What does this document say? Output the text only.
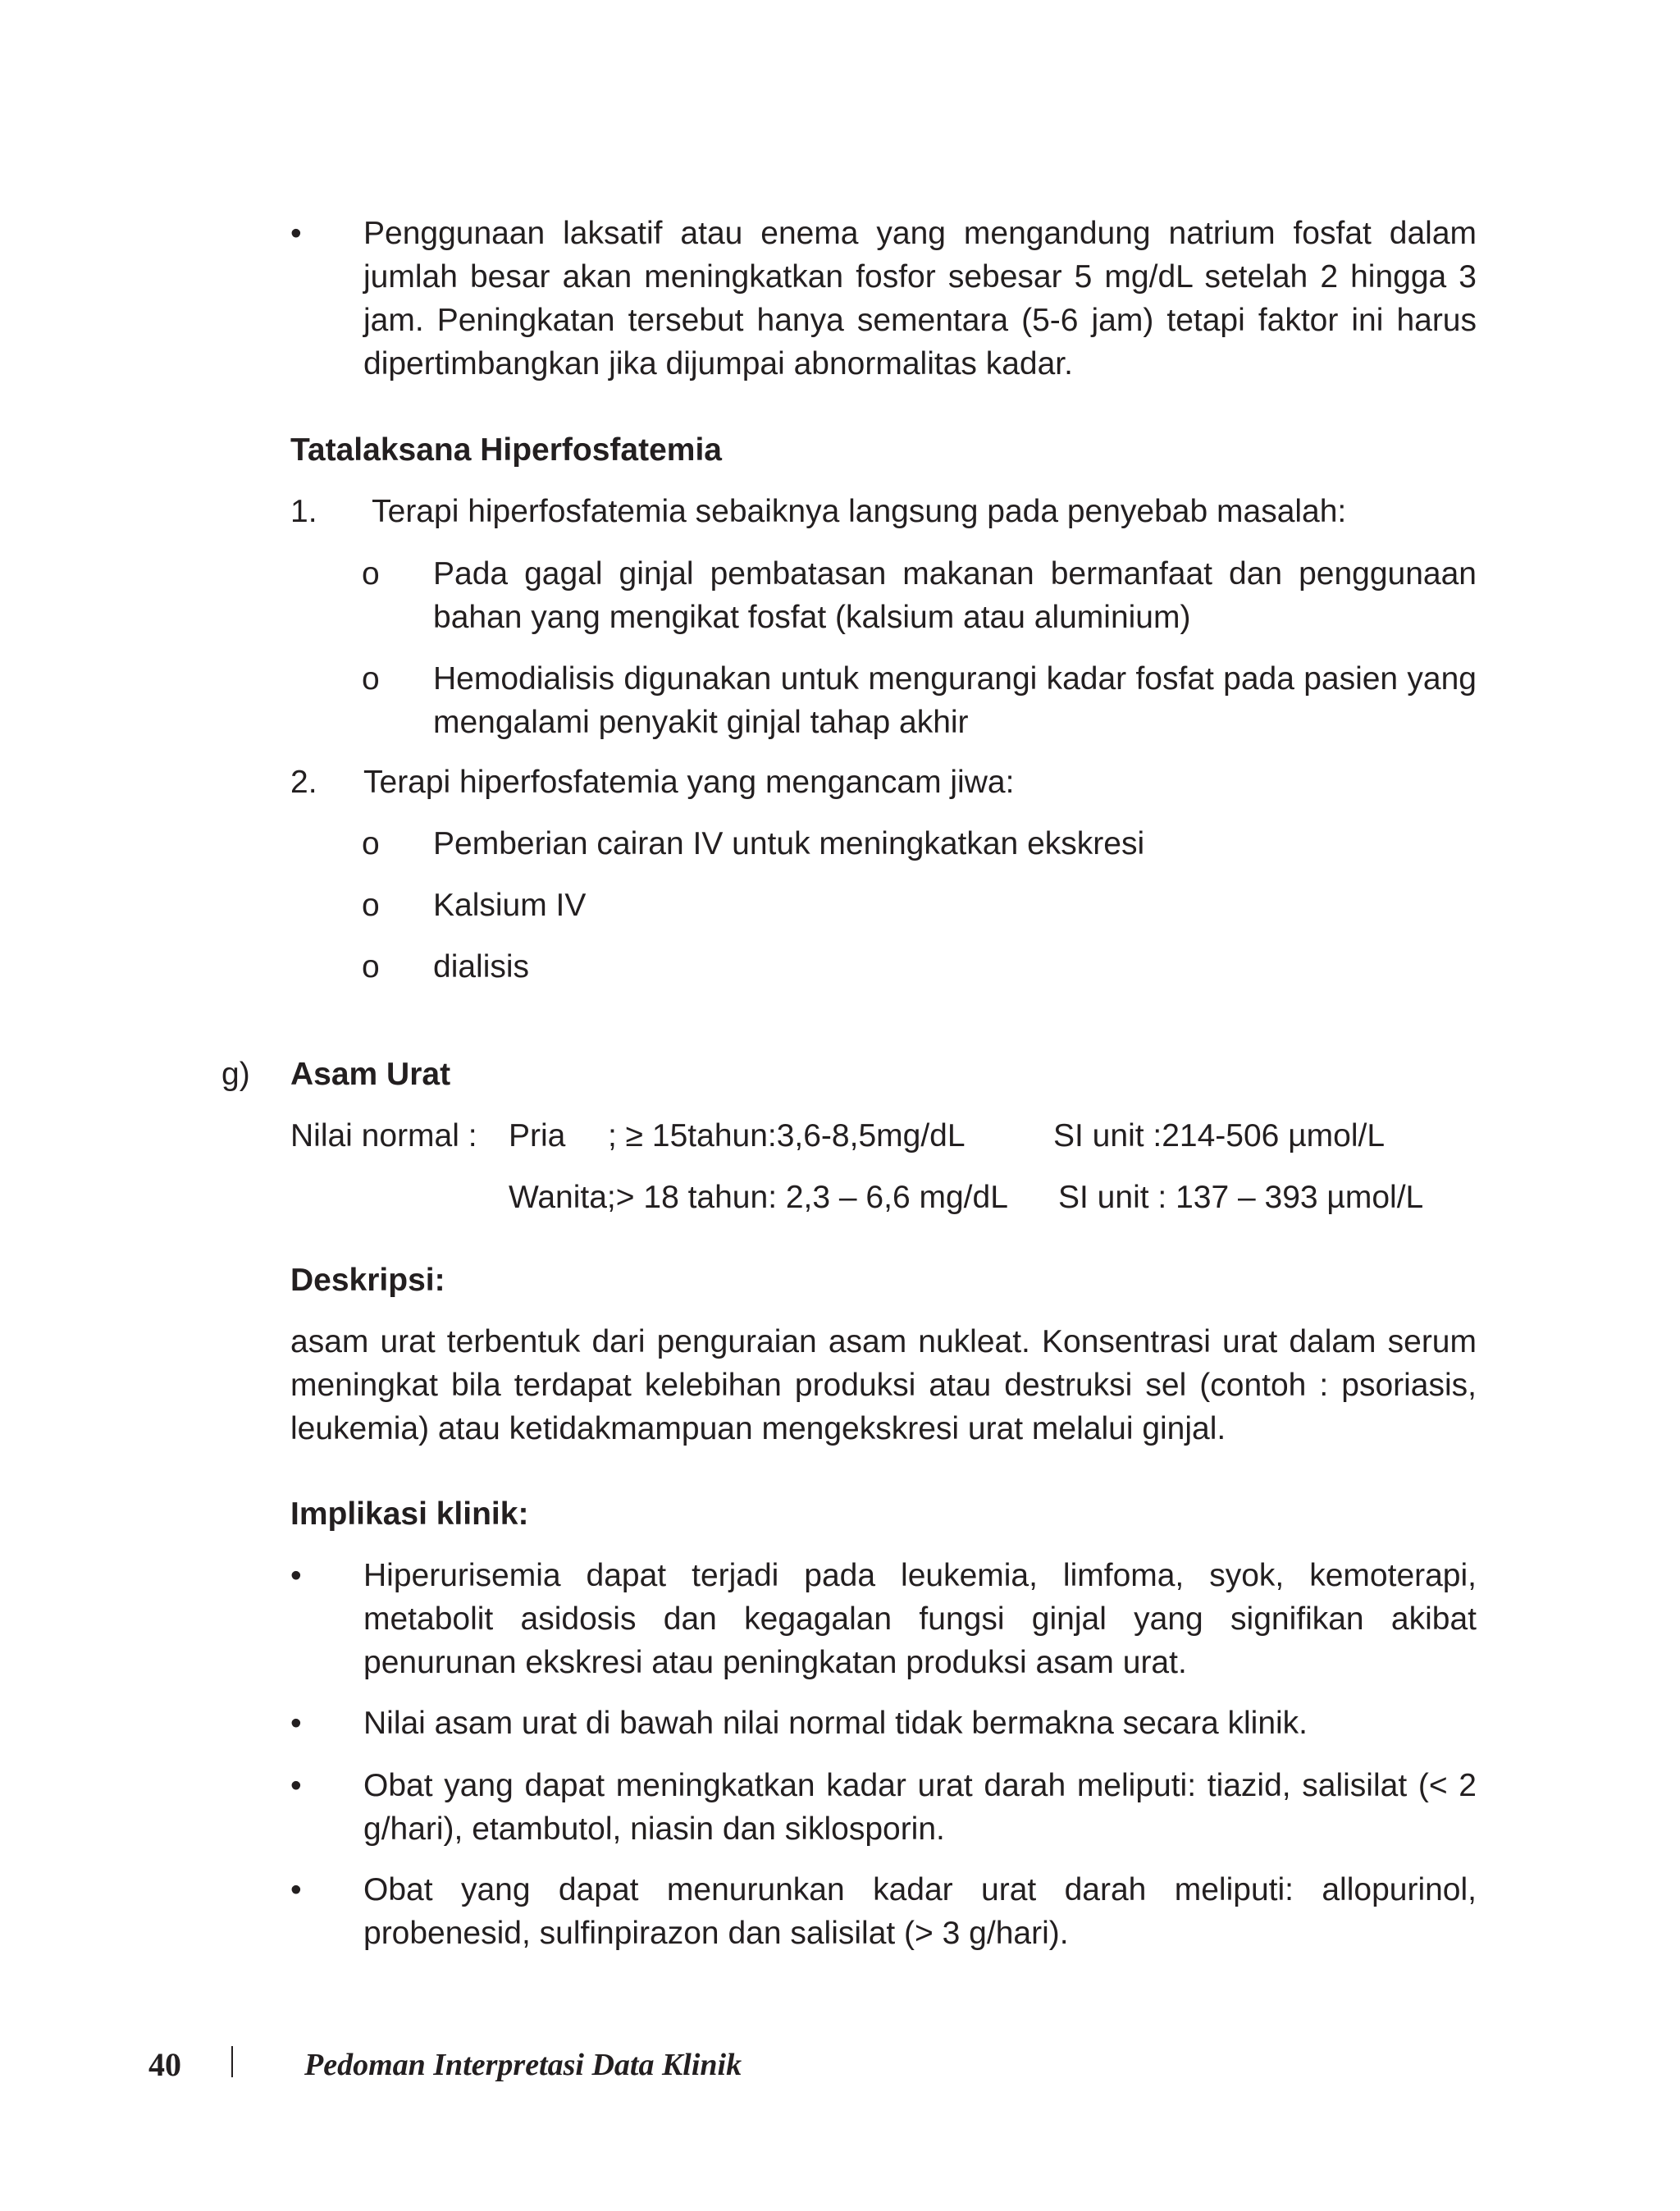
• Penggunaan laksatif atau enema yang mengandung natrium fosfat dalam jumlah besar akan meningkatkan fosfor sebesar 5 mg/dL setelah 2 hingga 3 jam. Peningkatan tersebut hanya sementara (5-6 jam) tetapi faktor ini harus dipertimbangkan jika dijumpai abnormalitas kadar.
Tatalaksana Hiperfosfatemia
1. Terapi hiperfosfatemia sebaiknya langsung pada penyebab masalah:
o Pada gagal ginjal pembatasan makanan bermanfaat dan penggunaan bahan yang mengikat fosfat (kalsium atau aluminium)
o Hemodialisis digunakan untuk mengurangi kadar fosfat pada pasien yang mengalami penyakit ginjal tahap akhir
2. Terapi hiperfosfatemia yang mengancam jiwa:
o Pemberian cairan IV untuk meningkatkan ekskresi
o Kalsium IV
o dialisis
g) Asam Urat
Nilai normal : Pria ; ≥ 15tahun:3,6-8,5mg/dL	SI unit :214-506 µmol/L
Wanita;> 18 tahun: 2,3 – 6,6 mg/dL SI unit : 137 – 393 µmol/L
Deskripsi:
asam urat terbentuk dari penguraian asam nukleat. Konsentrasi urat dalam serum meningkat bila terdapat kelebihan produksi atau destruksi sel (contoh : psoriasis, leukemia) atau ketidakmampuan mengekskresi urat melalui ginjal.
Implikasi klinik:
• Hiperurisemia dapat terjadi pada leukemia, limfoma, syok, kemoterapi, metabolit asidosis dan kegagalan fungsi ginjal yang signifikan akibat penurunan ekskresi atau peningkatan produksi asam urat.
• Nilai asam urat di bawah nilai normal tidak bermakna secara klinik.
• Obat yang dapat meningkatkan kadar urat darah meliputi: tiazid, salisilat (< 2 g/hari), etambutol, niasin dan siklosporin.
• Obat yang dapat menurunkan kadar urat darah meliputi: allopurinol, probenesid, sulfinpirazon dan salisilat (> 3 g/hari).
40	Pedoman Interpretasi Data Klinik
